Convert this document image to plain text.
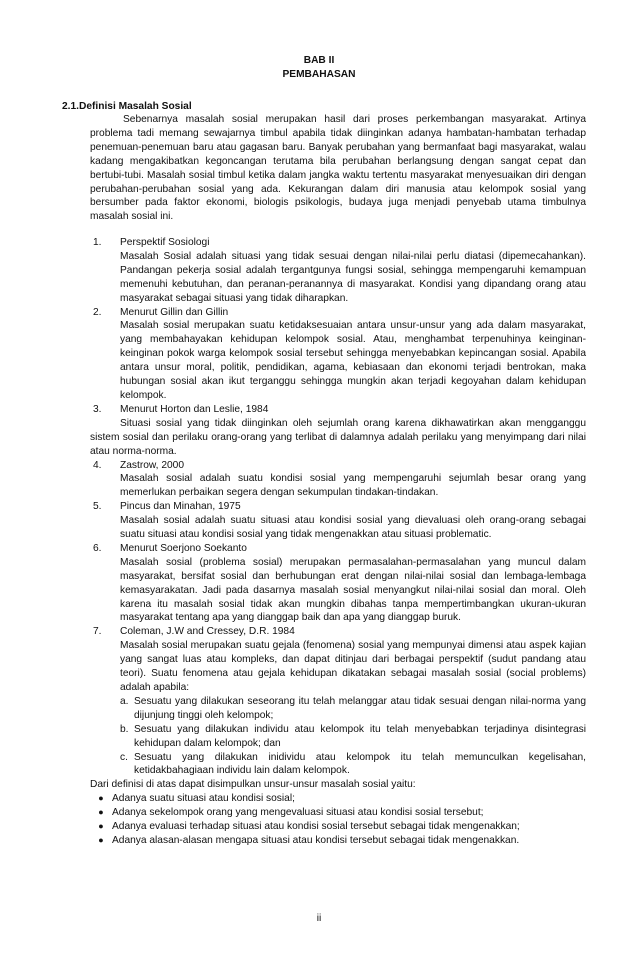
BAB II
PEMBAHASAN
2.1.Definisi Masalah Sosial
Sebenarnya masalah sosial merupakan hasil dari proses perkembangan masyarakat. Artinya problema tadi memang sewajarnya timbul apabila tidak diinginkan adanya hambatan-hambatan terhadap penemuan-penemuan baru atau gagasan baru. Banyak perubahan yang bermanfaat bagi masyarakat, walau kadang mengakibatkan kegoncangan terutama bila perubahan berlangsung dengan sangat cepat dan bertubi-tubi. Masalah sosial timbul ketika dalam jangka waktu tertentu masyarakat menyesuaikan diri dengan perubahan-perubahan sosial yang ada. Kekurangan dalam diri manusia atau kelompok sosial yang bersumber pada faktor ekonomi, biologis psikologis, budaya juga menjadi penyebab utama timbulnya masalah sosial ini.
1.	Perspektif Sosiologi
Masalah Sosial adalah situasi yang tidak sesuai dengan nilai-nilai perlu diatasi (dipemecahankan). Pandangan pekerja sosial adalah tergantgunya fungsi sosial, sehingga mempengaruhi kemampuan memenuhi kebutuhan, dan peranan-peranannya di masyarakat. Kondisi yang dipandang orang atau masyarakat sebagai situasi yang tidak diharapkan.
2.	Menurut Gillin dan Gillin
Masalah sosial merupakan suatu ketidaksesuaian antara unsur-unsur yang ada dalam masyarakat, yang membahayakan kehidupan kelompok sosial. Atau, menghambat terpenuhinya keinginan-keinginan pokok warga kelompok sosial tersebut sehingga menyebabkan kepincangan sosial. Apabila antara unsur moral, politik, pendidikan, agama, kebiasaan dan ekonomi terjadi bentrokan, maka hubungan sosial akan ikut terganggu sehingga mungkin akan terjadi kegoyahan dalam kehidupan kelompok.
3.	Menurut Horton dan Leslie, 1984
Situasi sosial yang tidak diinginkan oleh sejumlah orang karena dikhawatirkan akan mengganggu sistem sosial dan perilaku orang-orang yang terlibat di dalamnya adalah perilaku yang menyimpang dari nilai atau norma-norma.
4.	Zastrow, 2000
Masalah sosial adalah suatu kondisi sosial yang mempengaruhi sejumlah besar orang yang memerlukan perbaikan segera dengan sekumpulan tindakan-tindakan.
5.	Pincus dan Minahan, 1975
Masalah sosial adalah suatu situasi atau kondisi sosial yang dievaluasi oleh orang-orang sebagai suatu situasi atau kondisi sosial yang tidak mengenakkan atau situasi problematic.
6.	Menurut Soerjono Soekanto
Masalah sosial (problema sosial) merupakan permasalahan-permasalahan yang muncul dalam masyarakat, bersifat sosial dan berhubungan erat dengan nilai-nilai sosial dan lembaga-lembaga kemasyarakatan. Jadi pada dasarnya masalah sosial menyangkut nilai-nilai sosial dan moral. Oleh karena itu masalah sosial tidak akan mungkin dibahas tanpa mempertimbangkan ukuran-ukuran masyarakat tentang apa yang dianggap baik dan apa yang dianggap buruk.
7.	Coleman, J.W and Cressey, D.R. 1984
Masalah sosial merupakan suatu gejala (fenomena) sosial yang mempunyai dimensi atau aspek kajian yang sangat luas atau kompleks, dan dapat ditinjau dari berbagai perspektif (sudut pandang atau teori). Suatu fenomena atau gejala kehidupan dikatakan sebagai masalah sosial (social problems) adalah apabila:
a. Sesuatu yang dilakukan seseorang itu telah melanggar atau tidak sesuai dengan nilai-norma yang dijunjung tinggi oleh kelompok;
b. Sesuatu yang dilakukan individu atau kelompok itu telah menyebabkan terjadinya disintegrasi kehidupan dalam kelompok; dan
c. Sesuatu yang dilakukan inidividu atau kelompok itu telah memunculkan kegelisahan, ketidakbahagiaan individu lain dalam kelompok.
Dari definisi di atas dapat disimpulkan unsur-unsur masalah sosial yaitu:
● Adanya suatu situasi atau kondisi sosial;
● Adanya sekelompok orang yang mengevaluasi situasi atau kondisi sosial tersebut;
● Adanya evaluasi terhadap situasi atau kondisi sosial tersebut sebagai tidak mengenakkan;
● Adanya alasan-alasan mengapa situasi atau kondisi tersebut sebagai tidak mengenakkan.
ii
